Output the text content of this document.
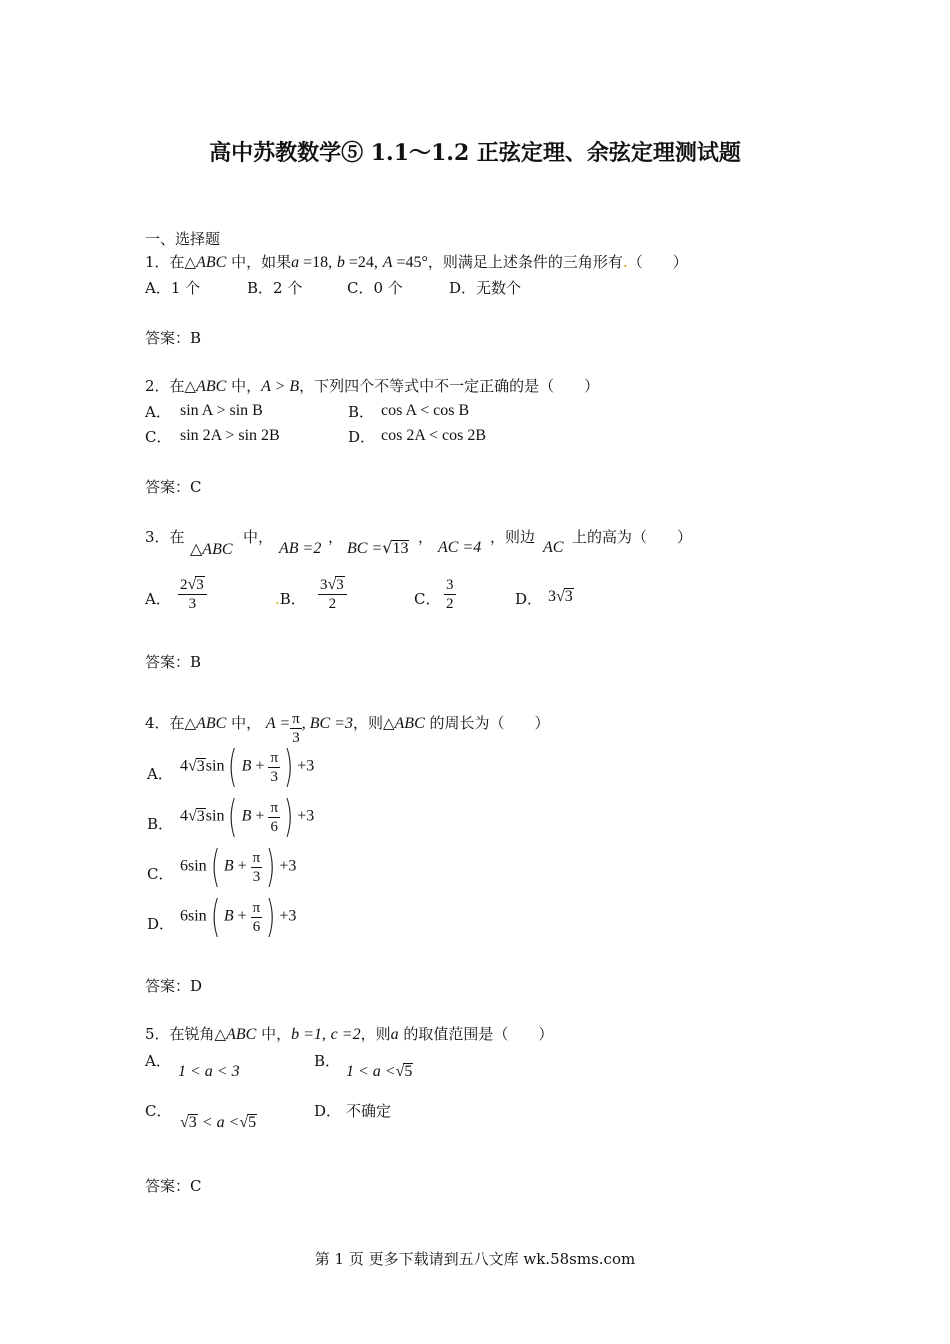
高中苏教数学⑤ 1.1～1.2 正弦定理、余弦定理测试题
一、选择题
1．在△ABC 中，如果a =18, b =24, A =45°，则满足上述条件的三角形有.（　　）
A．1 个	B．2 个	C．0 个	D．无数个
答案：B
2．在△ABC 中，A > B，下列四个不等式中不一定正确的是（　　）
A． sin A > sin B	B． cos A < cos B
C． sin 2A > sin 2B	D． cos 2A < cos 2B
答案：C
3．在
△ABC
中，
AB =2
，
BC =√13
，
AC =4
，则边
AC
上的高为（　　）
A． $\frac{2√3}{3}$	.B． $\frac{3√3}{2}$	C． $\frac{3}{2}$	D． 3√3
答案：B
4．在△ABC 中， $A = \frac{\pi}{3}$ , BC =3，则△ABC 的周长为（　　）
A． 4√3sin( $B + \frac{\pi}{3}$ ) +3
B． 4√3sin( $B + \frac{\pi}{6}$ ) +3
C． 6sin( $B + \frac{\pi}{3}$ ) +3
D． 6sin( $B + \frac{\pi}{6}$ ) +3
答案：D
5．在锐角△ABC 中，b =1, c =2，则a 的取值范围是（　　）
A．
1 < a < 3
B．
1 < a <√5
C．
√3 < a <√5
D． 不确定
答案：C
第 1 页 更多下载请到五八文库 wk.58sms.com
